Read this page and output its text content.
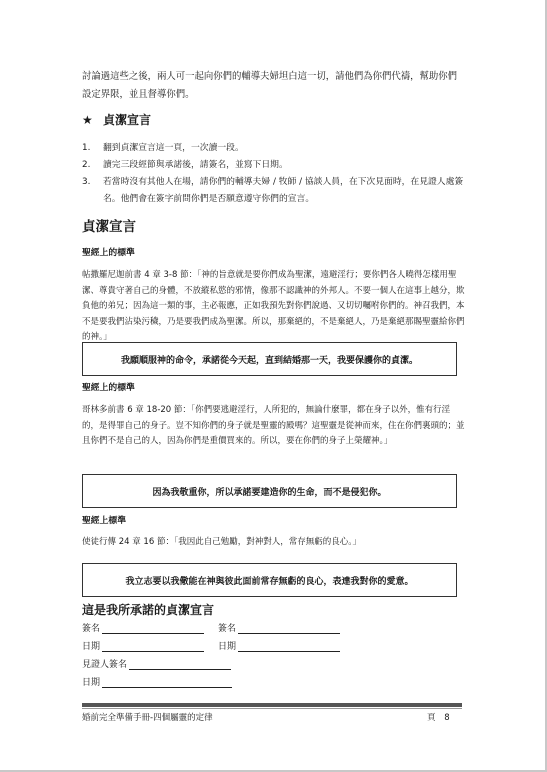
討論過這些之後，兩人可一起向你們的輔導夫婦坦白這一切，請他們為你們代禱，幫助你們設定界限，並且督導你們。
★ 貞潔宣言
1.	翻到貞潔宣言這一頁，一次讀一段。
2.	讀完三段經節與承諾後，請簽名，並寫下日期。
3.	若當時沒有其他人在場，請你們的輔導夫婦 / 牧師 / 協談人員，在下次見面時，在見證人處簽名。他們會在簽字前問你們是否願意遵守你們的宣言。
貞潔宣言
聖經上的標準
帖撒羅尼迦前書 4 章 3-8 節：「神的旨意就是要你們成為聖潔，遠避淫行；要你們各人曉得怎樣用聖潔、尊貴守著自己的身體，不放縱私慾的邪情，像那不認識神的外邦人。不要一個人在這事上越分，欺負他的弟兄；因為這一類的事，主必報應，正如我預先對你們說過、又切切囑咐你們的。神召我們，本不是要我們沾染污穢，乃是要我們成為聖潔。所以，那棄絕的，不是棄絕人，乃是棄絕那賜聖靈給你們的神。」
我願順服神的命令，承諾從今天起，直到結婚那一天，我要保護你的貞潔。
聖經上的標準
哥林多前書 6 章 18-20 節：「你們要逃避淫行，人所犯的，無論什麼罪，都在身子以外，惟有行淫的，是得罪自己的身子。豈不知你們的身子就是聖靈的殿嗎？這聖靈是從神而來，住在你們裏頭的；並且你們不是自己的人，因為你們是重價買來的。所以，要在你們的身子上榮耀神。」
因為我敬重你，所以承諾要建造你的生命，而不是侵犯你。
聖經上標準
使徒行傳 24 章 16 節：「我因此自己勉勵，對神對人，常存無虧的良心。」
我立志要以我儆能在神與彼此面前常存無虧的良心，表達我對你的愛意。
這是我所承諾的貞潔宣言
簽名	簽名
日期	日期
見證人簽名
日期
婚前完全準備手冊-四個屬靈的定律	頁 8
